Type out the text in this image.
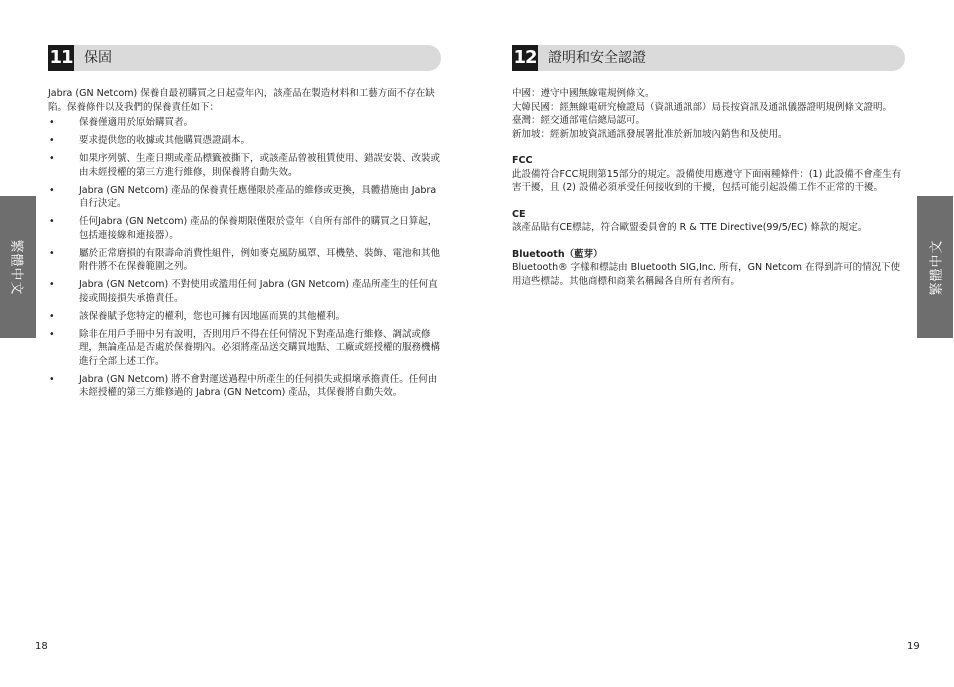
11 保固

Jabra (GN Netcom) 保養自最初購買之日起壹年內，該產品在製造材料和工藝方面不存在缺陷。保養條件以及我們的保養責任如下：

•	保養僅適用於原始購買者。
•	要求提供您的收據或其他購買憑證副本。
•	如果序列號、生產日期或產品標籤被撕下，或該產品曾被租賃使用、錯誤安裝、改裝或由未經授權的第三方進行維修，則保養將自動失效。
•	Jabra (GN Netcom) 產品的保養責任應僅限於產品的維修或更換，具體措施由 Jabra 自行決定。
•	任何Jabra (GN Netcom) 產品的保養期限僅限於壹年（自所有部件的購買之日算起，包括連接線和連接器）。
•	屬於正常磨損的有限壽命消費性組件，例如麥克風防風罩、耳機墊、裝飾、電池和其他附件將不在保養範圍之列。
•	Jabra (GN Netcom) 不對使用或濫用任何 Jabra (GN Netcom) 產品所產生的任何直接或間接損失承擔責任。
•	該保養賦予您特定的權利，您也可擁有因地區而異的其他權利。
•	除非在用戶手冊中另有說明，否則用戶不得在任何情況下對產品進行維修、調試或修理，無論產品是否處於保養期內。必須將產品送交購買地點、工廠或經授權的服務機構進行全部上述工作。
•	Jabra (GN Netcom) 將不會對運送過程中所產生的任何損失或損壞承擔責任。任何由未經授權的第三方維修過的 Jabra (GN Netcom) 產品，其保養將自動失效。
繁體中文
18
12 證明和安全認證

中國：遵守中國無線電規例條文。

大韓民國：經無線電研究檢證局（資訊通訊部）局長按資訊及通訊儀器證明規例條文證明。

臺灣：經交通部電信總局認可。

新加坡：經新加坡資訊通訊發展署批准於新加坡內銷售和及使用。

FCC

此設備符合FCC規則第15部分的規定。設備使用應遵守下面兩種條件：(1) 此設備不會產生有害干擾，且 (2) 設備必須承受任何接收到的干擾，包括可能引起設備工作不正常的干擾。

CE

該產品貼有CE標誌，符合歐盟委員會的 R & TTE Directive(99/5/EC) 條款的規定。

Bluetooth（藍芽）

Bluetooth® 字樣和標誌由 Bluetooth SIG,Inc. 所有，GN Netcom 在得到許可的情況下使用這些標誌。其他商標和商業名稱歸各自所有者所有。	繁體中文
19
